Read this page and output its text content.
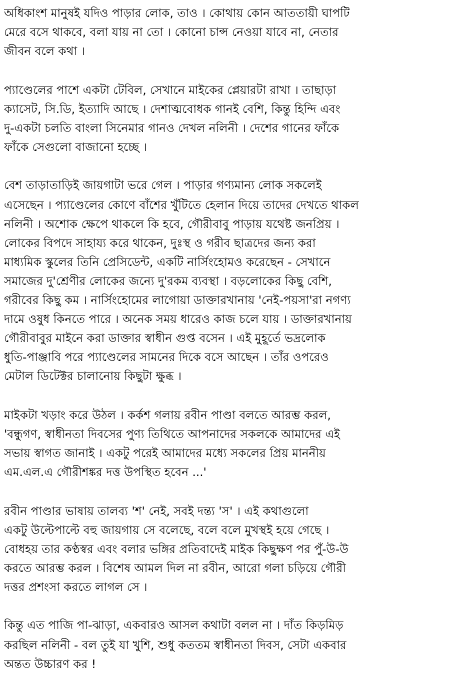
অধিকাংশ মানুষই যদিও পাড়ার লোক, তাও । কোথায় কোন আততায়ী ঘাপটি
মেরে বসে থাকবে, বলা যায় না তো । কোনো চান্স নেওয়া যাবে না, নেতার
জীবন বলে কথা ।
প্যাণ্ডেলের পাশে একটা টেবিল, সেখানে মাইকের প্লেয়ারটা রাখা । তাছাড়া
ক্যাসেট, সি.ডি, ইত্যাদি আছে । দেশাত্মবোধক গানই বেশি, কিন্তু হিন্দি এবং
দু-একটা চলতি বাংলা সিনেমার গানও দেখল নলিনী । দেশের গানের ফাঁকে
ফাঁকে সেগুলো বাজানো হচ্ছে ।
বেশ তাড়াতাড়িই জায়গাটা ভরে গেল । পাড়ার গণ্যমান্য লোক সকলেই
এসেছেন । প্যাণ্ডেলের কোণে বাঁশের খুঁটিতে হেলান দিয়ে তাদের দেখতে থাকল
নলিনী । অশোক ক্ষেপে থাকলে কি হবে, গৌরীবাবু পাড়ায় যথেষ্ট জনপ্রিয় ।
লোকের বিপদে সাহায্য করে থাকেন, দুঃস্থ ও গরীব ছাত্রদের জন্য করা
মাধ্যমিক স্কুলের তিনি প্রেসিডেন্ট, একটি নার্সিংহোমও করেছেন - সেখানে
সমাজের দু'শ্রেণীর লোকের জন্যে দু'রকম ব্যবস্থা । বড়লোকের কিছু বেশি,
গরীবের কিছু কম । নার্সিংহোমের লাগোয়া ডাক্তারখানায় 'নেই-পয়সা'রা নগণ্য
দামে ওষুধ কিনতে পারে । অনেক সময় ধারেও কাজ চলে যায় । ডাক্তারখানায়
গৌরীবাবুর মাইনে করা ডাক্তার স্বাধীন গুপ্ত বসেন । এই মুহূর্তে ভদ্রলোক
ধুতি-পাঞ্জাবি পরে প্যাণ্ডেলের সামনের দিকে বসে আছেন । তাঁর ওপরেও
মেটাল ডিটেক্টর চালানোয় কিছুটা ক্ষুব্ধ ।
মাইকটা খড়াং করে উঠল । কর্কশ গলায় রবীন পাণ্ডা বলতে আরম্ভ করল,
'বন্ধুগণ, স্বাধীনতা দিবসের পুণ্য তিথিতে আপনাদের সকলকে আমাদের এই
সভায় স্বাগত জানাই । একটু পরেই আমাদের মধ্যে সকলের প্রিয় মাননীয়
এম.এল.এ গৌরীশঙ্কর দত্ত উপস্থিত হবেন ...'
রবীন পাণ্ডার ভাষায় তালব্য 'শ' নেই, সবই দন্ত্য 'স' । এই কথাগুলো
একটু উল্টেপাল্টে বহু জায়গায় সে বলেছে, বলে বলে মুখস্থই হয়ে গেছে ।
বোধহয় তার কণ্ঠস্বর এবং বলার ভঙ্গির প্রতিবাদেই মাইক কিছুক্ষণ পর পুঁ-উ-উ
করতে আরম্ভ করল । বিশেষ আমল দিল না রবীন, আরো গলা চড়িয়ে গৌরী
দত্তর প্রশংসা করতে লাগল সে ।
কিন্তু এত পাজি পা-ঝাড়া, একবারও আসল কথাটা বলল না । দাঁত কিড়মিড়
করছিল নলিনী - বল তুই যা খুশি, শুধু কততম স্বাধীনতা দিবস, সেটা একবার
অন্তত উচ্চারণ কর !
